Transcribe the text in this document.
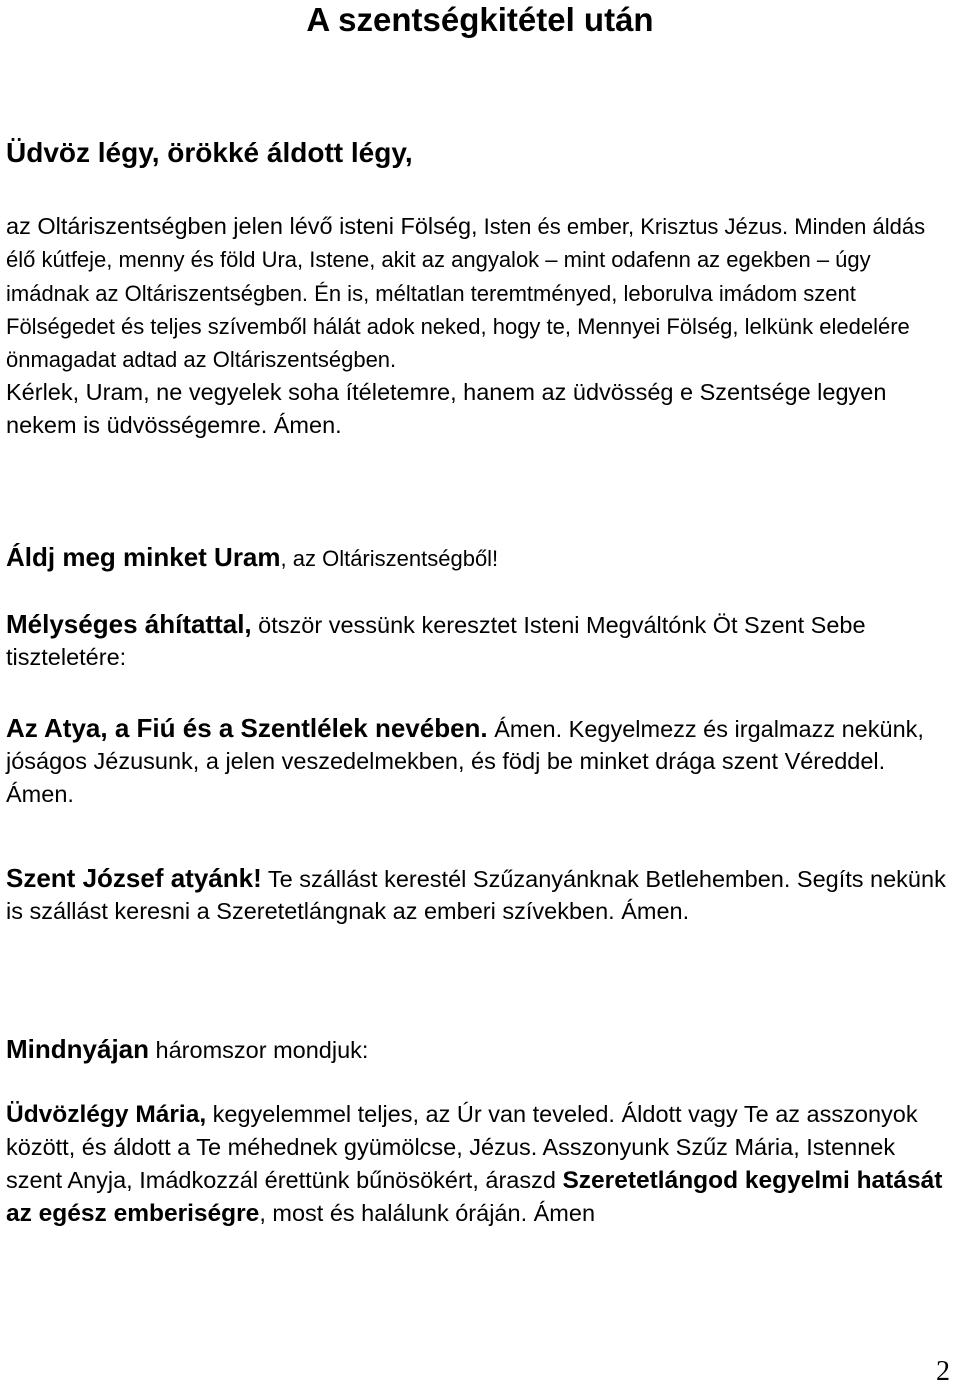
A szentségkitétel után

Üdvöz légy, örökké áldott légy,

az Oltáriszentségben jelen lévő isteni Fölség, Isten és ember, Krisztus Jézus. Minden áldás élő kútfeje, menny és föld Ura, Istene, akit az angyalok – mint odafenn az egekben – úgy imádnak az Oltáriszentségben. Én is, méltatlan teremtményed, leborulva imádom szent Fölségedet és teljes szívemből hálát adok neked, hogy te, Mennyei Fölség, lelkünk eledelére önmagadat adtad az Oltáriszentségben.
Kérlek, Uram, ne vegyelek soha ítéletemre, hanem az üdvösség e Szentsége legyen nekem is üdvösségemre. Ámen.

Áldj meg minket Uram, az Oltáriszentségből!

Mélységes áhítattal, ötször vessünk keresztet Isteni Megváltónk Öt Szent Sebe tiszteletére:

Az Atya, a Fiú és a Szentlélek nevében. Ámen. Kegyelmezz és irgalmazz nekünk, jóságos Jézusunk, a jelen veszedelmekben, és födj be minket drága szent Véreddel. Ámen.

Szent József atyánk! Te szállást kerestél Szűzanyánknak Betlehemben. Segíts nekünk is szállást keresni a Szeretetlángnak az emberi szívekben. Ámen.

Mindnyájan háromszor mondjuk:

Üdvözlégy Mária, kegyelemmel teljes, az Úr van teveled. Áldott vagy Te az asszonyok között, és áldott a Te méhednek gyümölcse, Jézus. Asszonyunk Szűz Mária, Istennek szent Anyja, Imádkozzál érettünk bűnösökért, áraszd Szeretetlángod kegyelmi hatását az egész emberiségre, most és halálunk óráján. Ámen

2
